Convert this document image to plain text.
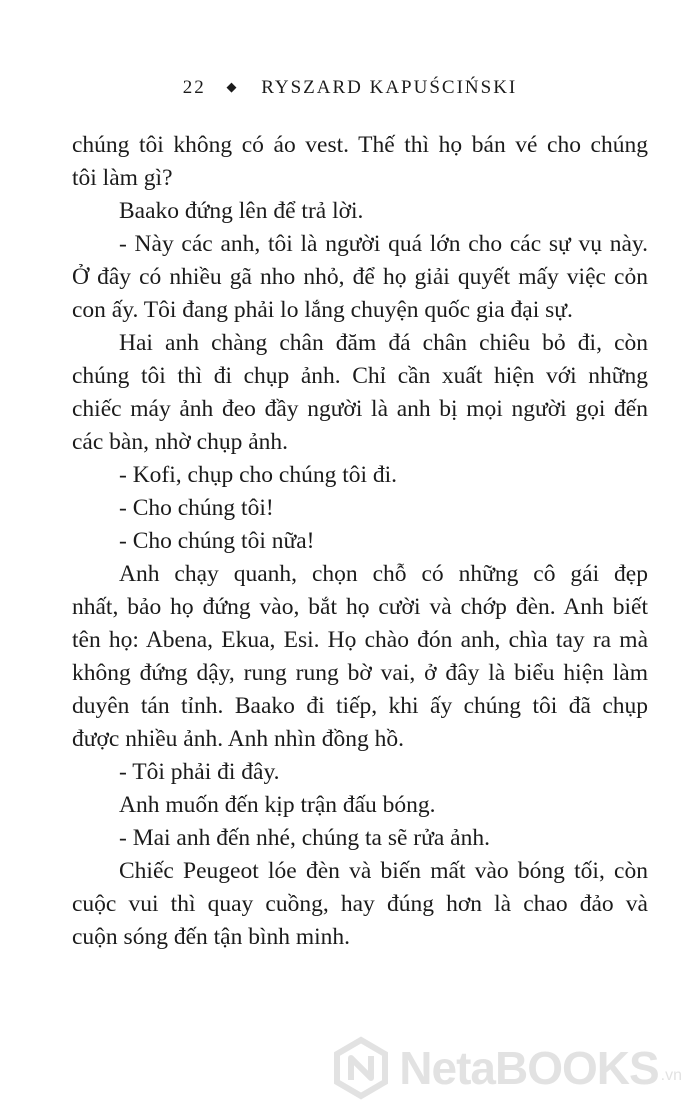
22 ◆ RYSZARD KAPUŚCIŃSKI
chúng tôi không có áo vest. Thế thì họ bán vé cho chúng
tôi làm gì?
Baako đứng lên để trả lời.
- Này các anh, tôi là người quá lớn cho các sự vụ này.
Ở đây có nhiều gã nho nhỏ, để họ giải quyết mấy việc cỏn
con ấy. Tôi đang phải lo lắng chuyện quốc gia đại sự.
Hai anh chàng chân đăm đá chân chiêu bỏ đi, còn
chúng tôi thì đi chụp ảnh. Chỉ cần xuất hiện với những
chiếc máy ảnh đeo đầy người là anh bị mọi người gọi đến
các bàn, nhờ chụp ảnh.
- Kofi, chụp cho chúng tôi đi.
- Cho chúng tôi!
- Cho chúng tôi nữa!
Anh chạy quanh, chọn chỗ có những cô gái đẹp
nhất, bảo họ đứng vào, bắt họ cười và chớp đèn. Anh biết
tên họ: Abena, Ekua, Esi. Họ chào đón anh, chìa tay ra mà
không đứng dậy, rung rung bờ vai, ở đây là biểu hiện làm
duyên tán tỉnh. Baako đi tiếp, khi ấy chúng tôi đã chụp
được nhiều ảnh. Anh nhìn đồng hồ.
- Tôi phải đi đây.
Anh muốn đến kịp trận đấu bóng.
- Mai anh đến nhé, chúng ta sẽ rửa ảnh.
Chiếc Peugeot lóe đèn và biến mất vào bóng tối, còn
cuộc vui thì quay cuồng, hay đúng hơn là chao đảo và
cuộn sóng đến tận bình minh.
NetaBOOKS .vn
